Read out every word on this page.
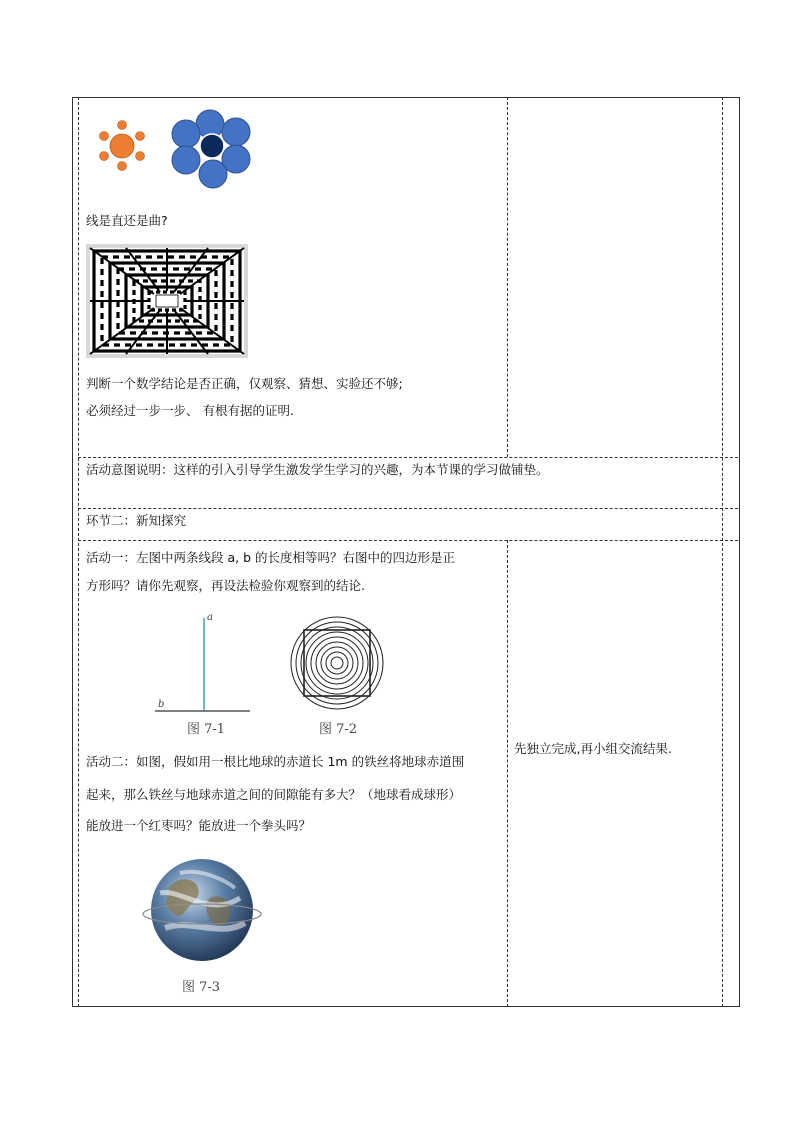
线是直还是曲?
判断一个数学结论是否正确，仅观察、猜想、实验还不够;
必须经过一步一步、 有根有据的证明.
活动意图说明：这样的引入引导学生激发学生学习的兴趣，为本节课的学习做铺垫。
环节二：新知探究
活动一：左图中两条线段 a, b 的长度相等吗？右图中的四边形是正
方形吗？请你先观察，再设法检验你观察到的结论.
a
b
图 7-1	图 7-2
活动二：如图，假如用一根比地球的赤道长 1m 的铁丝将地球赤道围
起来，那么铁丝与地球赤道之间的间隙能有多大？（地球看成球形）
能放进一个红枣吗？能放进一个拳头吗？
图 7-3
先独立完成,再小组交流结果.
